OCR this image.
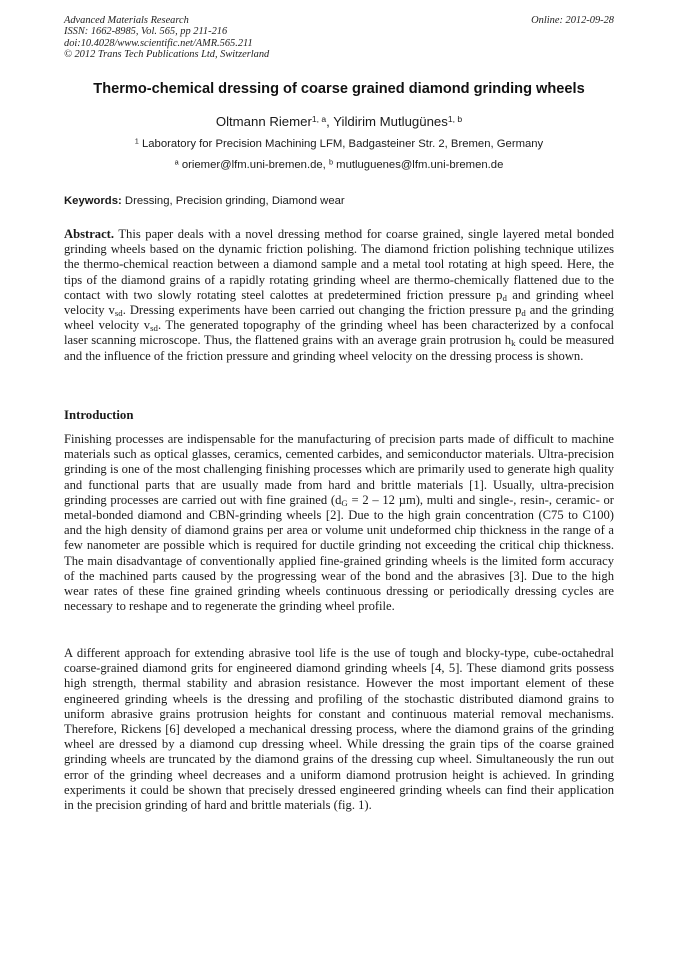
Advanced Materials Research
ISSN: 1662-8985, Vol. 565, pp 211-216
doi:10.4028/www.scientific.net/AMR.565.211
© 2012 Trans Tech Publications Ltd, Switzerland
Online: 2012-09-28
Thermo-chemical dressing of coarse grained diamond grinding wheels
Oltmann Riemer$^{1, a}$, Yildirim Mutlugünes$^{1, b}$
$^1$ Laboratory for Precision Machining LFM, Badgasteiner Str. 2, Bremen, Germany
$^a$ oriemer@lfm.uni-bremen.de, $^b$ mutluguenes@lfm.uni-bremen.de
Keywords: Dressing, Precision grinding, Diamond wear

Abstract. This paper deals with a novel dressing method for coarse grained, single layered metal bonded grinding wheels based on the dynamic friction polishing. The diamond friction polishing technique utilizes the thermo-chemical reaction between a diamond sample and a metal tool rotating at high speed. Here, the tips of the diamond grains of a rapidly rotating grinding wheel are thermo-chemically flattened due to the contact with two slowly rotating steel calottes at predetermined friction pressure $p_d$ and grinding wheel velocity $v_{sd}$. Dressing experiments have been carried out changing the friction pressure $p_d$ and the grinding wheel velocity $v_{sd}$. The generated topography of the grinding wheel has been characterized by a confocal laser scanning microscope. Thus, the flattened grains with an average grain protrusion $h_k$ could be measured and the influence of the friction pressure and grinding wheel velocity on the dressing process is shown.

Introduction

Finishing processes are indispensable for the manufacturing of precision parts made of difficult to machine materials such as optical glasses, ceramics, cemented carbides, and semiconductor materials. Ultra-precision grinding is one of the most challenging finishing processes which are primarily used to generate high quality and functional parts that are usually made from hard and brittle materials [1]. Usually, ultra-precision grinding processes are carried out with fine grained ($d_G = 2 - 12$ µm), multi and single-, resin-, ceramic- or metal-bonded diamond and CBN-grinding wheels [2]. Due to the high grain concentration (C75 to C100) and the high density of diamond grains per area or volume unit undeformed chip thickness in the range of a few nanometer are possible which is required for ductile grinding not exceeding the critical chip thickness. The main disadvantage of conventionally applied fine-grained grinding wheels is the limited form accuracy of the machined parts caused by the progressing wear of the bond and the abrasives [3]. Due to the high wear rates of these fine grained grinding wheels continuous dressing or periodically dressing cycles are necessary to reshape and to regenerate the grinding wheel profile.

A different approach for extending abrasive tool life is the use of tough and blocky-type, cube-octahedral coarse-grained diamond grits for engineered diamond grinding wheels [4, 5]. These diamond grits possess high strength, thermal stability and abrasion resistance. However the most important element of these engineered grinding wheels is the dressing and profiling of the stochastic distributed diamond grains to uniform abrasive grains protrusion heights for constant and continuous material removal mechanisms. Therefore, Rickens [6] developed a mechanical dressing process, where the diamond grains of the grinding wheel are dressed by a diamond cup dressing wheel. While dressing the grain tips of the coarse grained grinding wheels are truncated by the diamond grains of the dressing cup wheel. Simultaneously the run out error of the grinding wheel decreases and a uniform diamond protrusion height is achieved. In grinding experiments it could be shown that precisely dressed engineered grinding wheels can find their application in the precision grinding of hard and brittle materials (fig. 1).
